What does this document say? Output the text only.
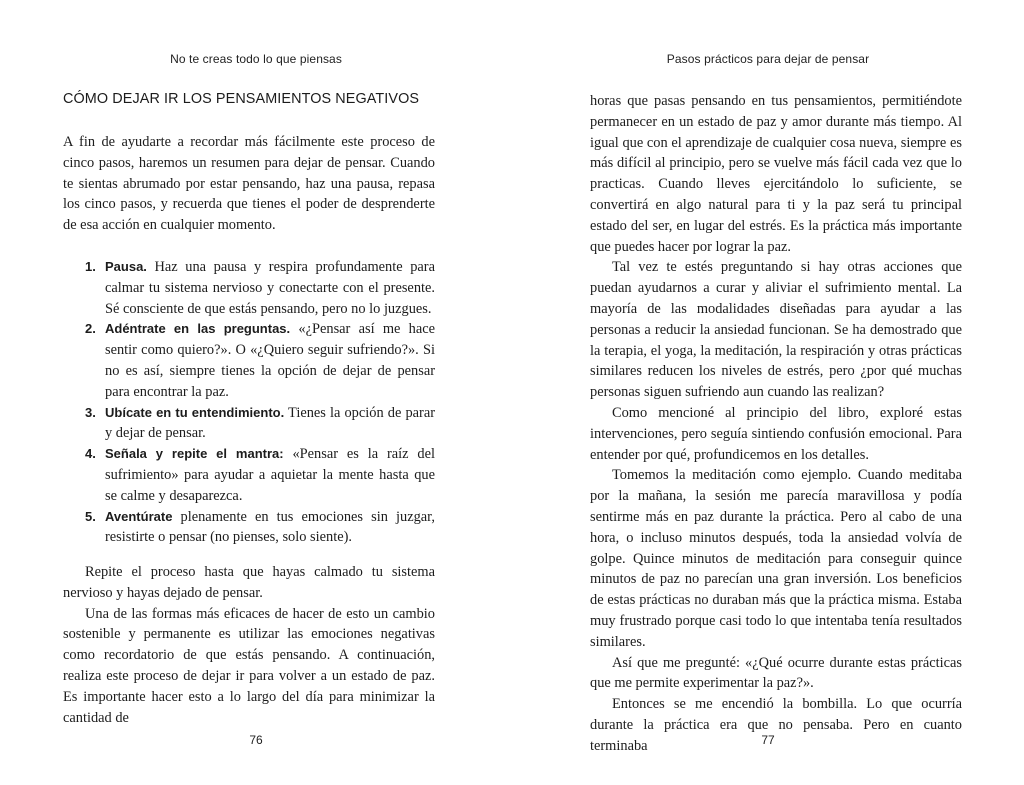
No te creas todo lo que piensas
CÓMO DEJAR IR LOS PENSAMIENTOS NEGATIVOS

A fin de ayudarte a recordar más fácilmente este proceso de cinco pasos, haremos un resumen para dejar de pensar. Cuando te sientas abrumado por estar pensando, haz una pausa, repasa los cinco pasos, y recuerda que tienes el poder de desprenderte de esa acción en cualquier momento.

1. Pausa. Haz una pausa y respira profundamente para calmar tu sistema nervioso y conectarte con el presente. Sé consciente de que estás pensando, pero no lo juzgues.
2. Adéntrate en las preguntas. «¿Pensar así me hace sentir como quiero?». O «¿Quiero seguir sufriendo?». Si no es así, siempre tienes la opción de dejar de pensar para encontrar la paz.
3. Ubícate en tu entendimiento. Tienes la opción de parar y dejar de pensar.
4. Señala y repite el mantra: «Pensar es la raíz del sufrimiento» para ayudar a aquietar la mente hasta que se calme y desaparezca.
5. Aventúrate plenamente en tus emociones sin juzgar, resistirte o pensar (no pienses, solo siente).

Repite el proceso hasta que hayas calmado tu sistema nervioso y hayas dejado de pensar.

Una de las formas más eficaces de hacer de esto un cambio sostenible y permanente es utilizar las emociones negativas como recordatorio de que estás pensando. A continuación, realiza este proceso de dejar ir para volver a un estado de paz. Es importante hacer esto a lo largo del día para minimizar la cantidad de

76
Pasos prácticos para dejar de pensar

horas que pasas pensando en tus pensamientos, permitiéndote permanecer en un estado de paz y amor durante más tiempo. Al igual que con el aprendizaje de cualquier cosa nueva, siempre es más difícil al principio, pero se vuelve más fácil cada vez que lo practicas. Cuando lleves ejercitándolo lo suficiente, se convertirá en algo natural para ti y la paz será tu principal estado del ser, en lugar del estrés. Es la práctica más importante que puedes hacer por lograr la paz.

Tal vez te estés preguntando si hay otras acciones que puedan ayudarnos a curar y aliviar el sufrimiento mental. La mayoría de las modalidades diseñadas para ayudar a las personas a reducir la ansiedad funcionan. Se ha demostrado que la terapia, el yoga, la meditación, la respiración y otras prácticas similares reducen los niveles de estrés, pero ¿por qué muchas personas siguen sufriendo aun cuando las realizan?

Como mencioné al principio del libro, exploré estas intervenciones, pero seguía sintiendo confusión emocional. Para entender por qué, profundicemos en los detalles.

Tomemos la meditación como ejemplo. Cuando meditaba por la mañana, la sesión me parecía maravillosa y podía sentirme más en paz durante la práctica. Pero al cabo de una hora, o incluso minutos después, toda la ansiedad volvía de golpe. Quince minutos de meditación para conseguir quince minutos de paz no parecían una gran inversión. Los beneficios de estas prácticas no duraban más que la práctica misma. Estaba muy frustrado porque casi todo lo que intentaba tenía resultados similares.

Así que me pregunté: «¿Qué ocurre durante estas prácticas que me permite experimentar la paz?».

Entonces se me encendió la bombilla. Lo que ocurría durante la práctica era que no pensaba. Pero en cuanto terminaba	77
